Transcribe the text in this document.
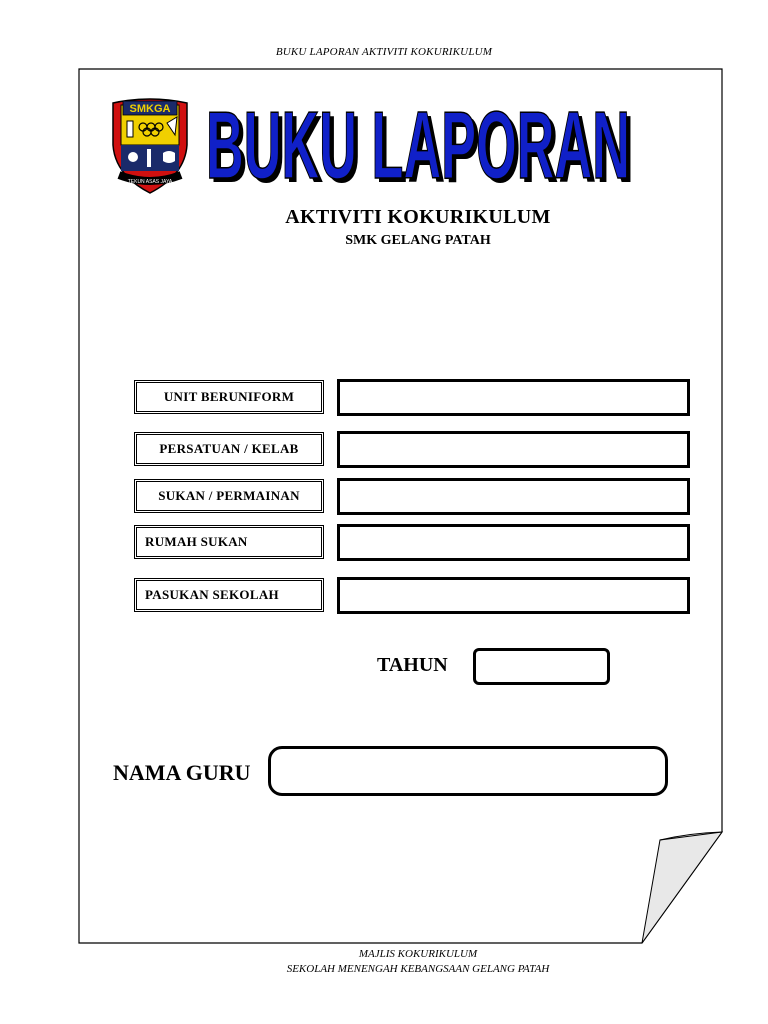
BUKU LAPORAN AKTIVITI KOKURIKULUM
SMKGA
TEKUN ASAS JAYA BUKU LAPORAN
BUKU LAPORAN
AKTIVITI KOKURIKULUM
SMK GELANG PATAH
UNIT BERUNIFORM
PERSATUAN / KELAB
SUKAN / PERMAINAN
RUMAH SUKAN
PASUKAN SEKOLAH
TAHUN
NAMA GURU
MAJLIS KOKURIKULUM
SEKOLAH MENENGAH KEBANGSAAN GELANG PATAH
